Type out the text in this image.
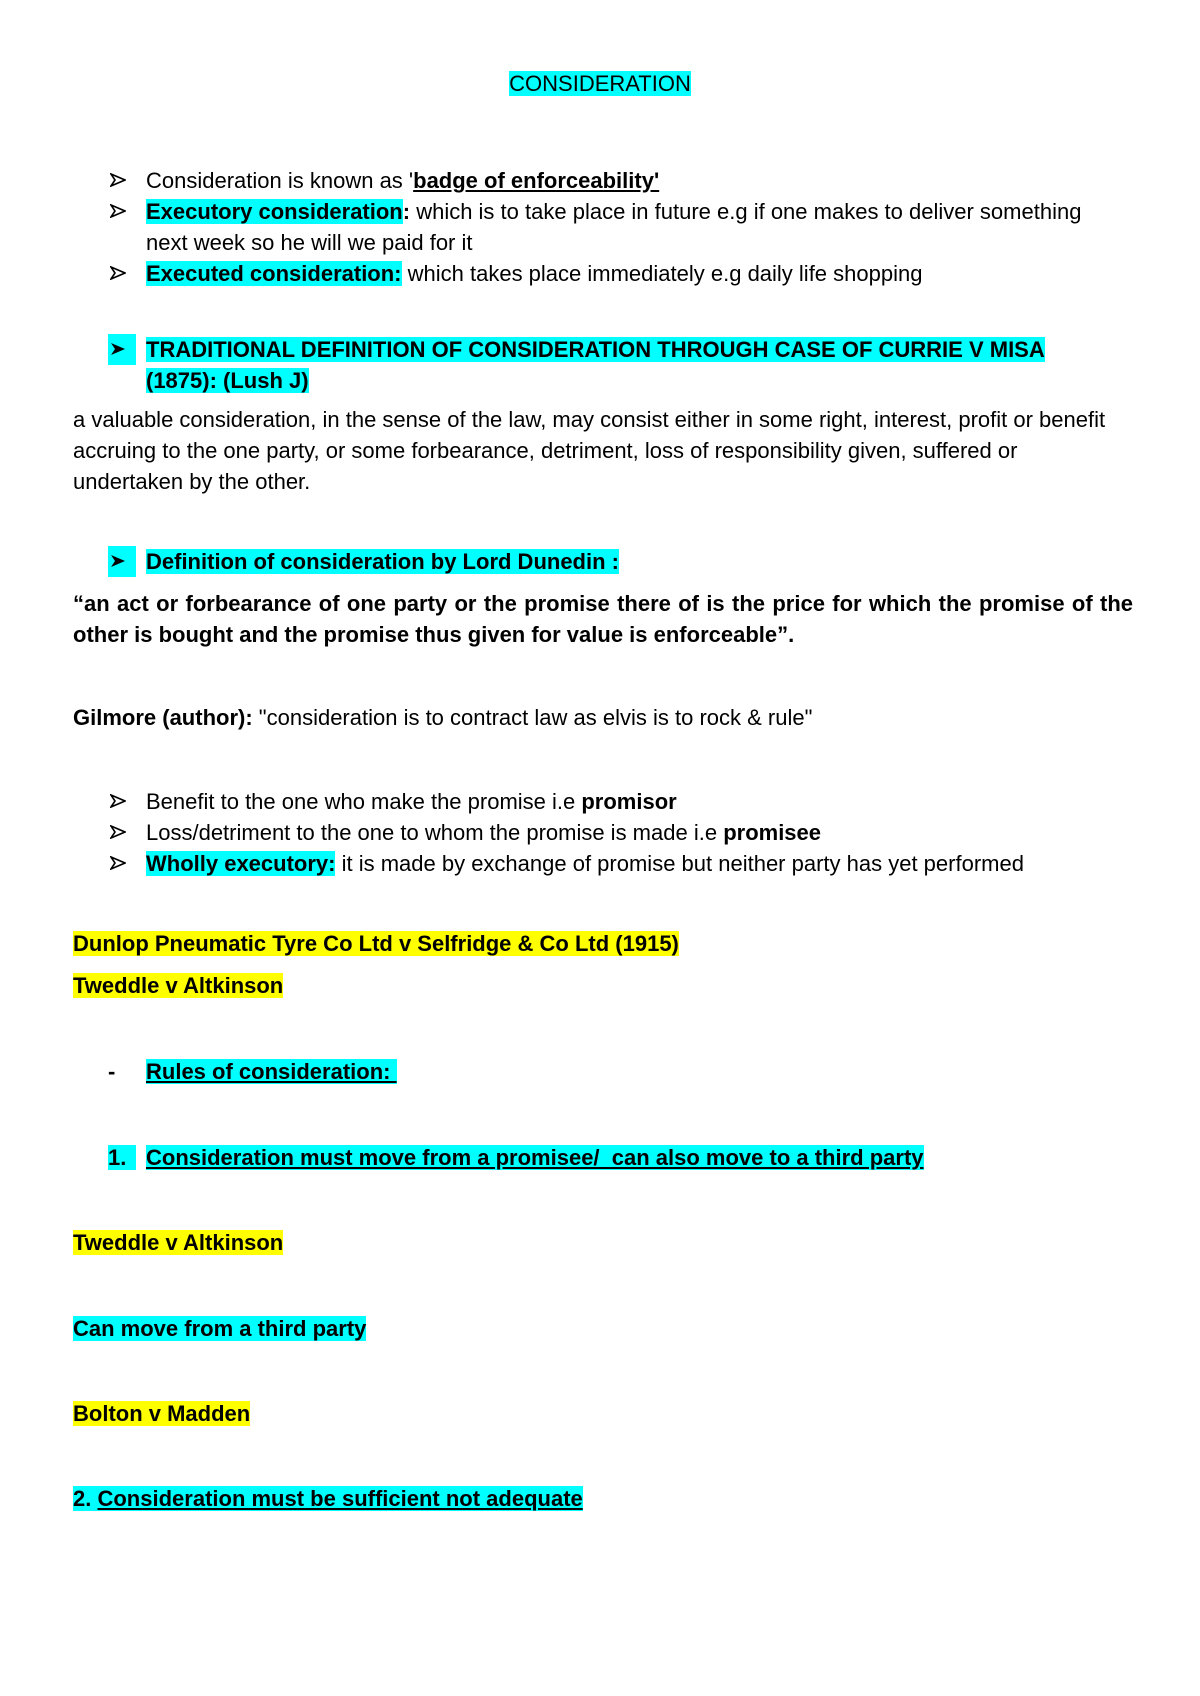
CONSIDERATION
Consideration is known as 'badge of enforceability'
Executory consideration: which is to take place in future e.g if one makes to deliver something next week so he will we paid for it
Executed consideration: which takes place immediately e.g daily life shopping
TRADITIONAL DEFINITION OF CONSIDERATION THROUGH CASE OF CURRIE V MISA (1875): (Lush J)
a valuable consideration, in the sense of the law, may consist either in some right, interest, profit or benefit accruing to the one party, or some forbearance, detriment, loss of responsibility given, suffered or undertaken by the other.
Definition of consideration by Lord Dunedin :
“an act or forbearance of one party or the promise there of is the price for which the promise of the other is bought and the promise thus given for value is enforceable”.
Gilmore (author): "consideration is to contract law as elvis is to rock & rule"
Benefit to the one who make the promise i.e promisor
Loss/detriment to the one to whom the promise is made i.e promisee
Wholly executory: it is made by exchange of promise but neither party has yet performed
Dunlop Pneumatic Tyre Co Ltd v Selfridge & Co Ltd (1915)
Tweddle v Altkinson
- Rules of consideration:
1. Consideration must move from a promisee/  can also move to a third party
Tweddle v Altkinson
Can move from a third party
Bolton v Madden
2. Consideration must be sufficient not adequate
